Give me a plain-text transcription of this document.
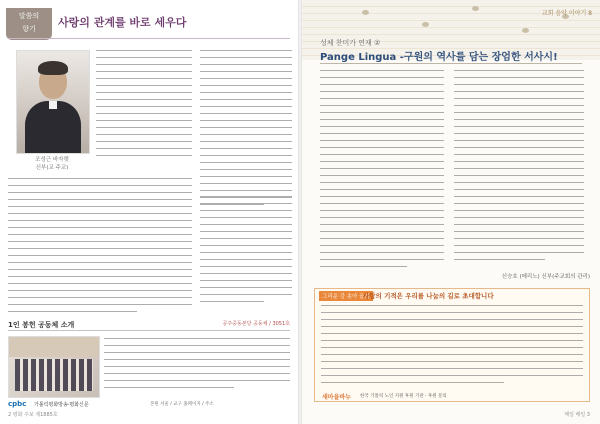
말씀의
향기	사랑의 관계를 바로 세우다
조성근 바자렛
신부(교 주교)
1인 봉헌 공동체 소개	공주중동본당 공동체 / 3051호
cpbc 가톨릭평화방송·평화신문	본원 서울 / 교구 홈페이지 / 주소
2 평화 주보 제1885호
교회 음악 이야기 8
성체 찬미가 연재 ②
Pange Lingua -구원의 역사를 담는 장엄한 서사시!
신승호 (메리노) 신부(주교회의 관리)
그리운 강 솟아 올라
사랑의 기적은 우리를 나눔의 길로 초대합니다
새마을바누 한국 기톨릭 노인 지원 후원 기관 · 후원 문의
매일 매일 3
